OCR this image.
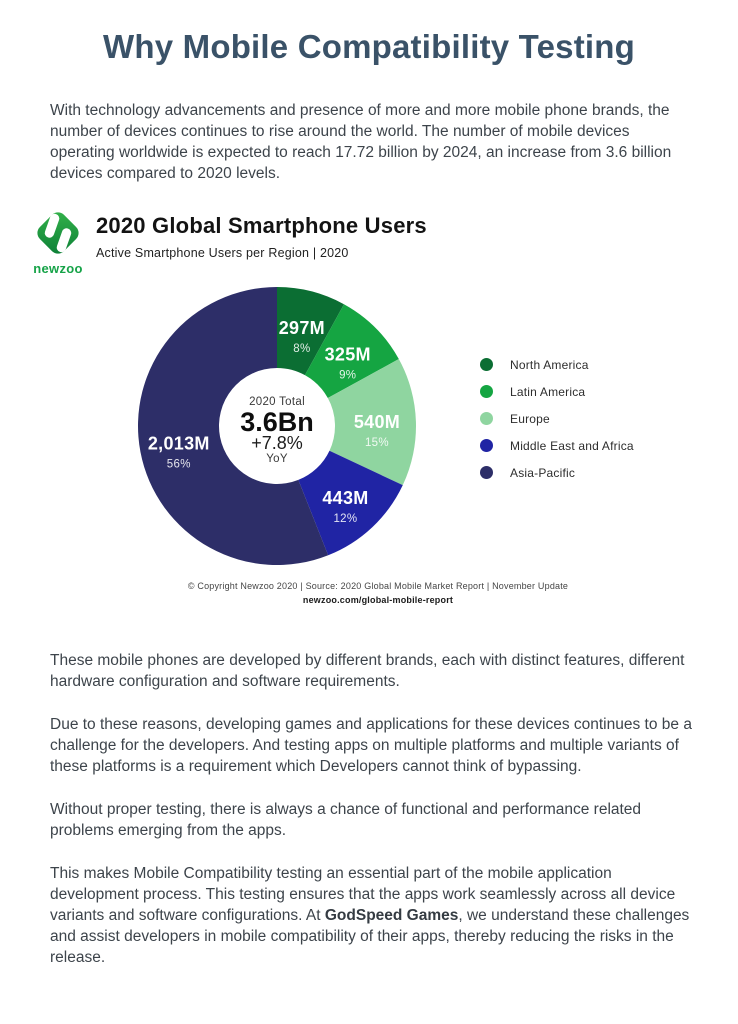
Why Mobile Compatibility Testing

With technology advancements and presence of more and more mobile phone brands, the number of devices continues to rise around the world. The number of mobile devices operating worldwide is expected to reach 17.72 billion by 2024, an increase from 3.6 billion devices compared to 2020 levels.

newzoo
2020 Global Smartphone Users
Active Smartphone Users per Region | 2020
297M
8% 325M
9%
540M
15%
443M
12%
2,013M
56%
2020 Total
3.6Bn
+7.8%
YoY
North America
Latin America
Europe
Middle East and Africa
Asia-Pacific
© Copyright Newzoo 2020 | Source: 2020 Global Mobile Market Report | November Update
newzoo.com/global-mobile-report

These mobile phones are developed by different brands, each with distinct features, different hardware configuration and software requirements.

Due to these reasons, developing games and applications for these devices continues to be a challenge for the developers. And testing apps on multiple platforms and multiple variants of these platforms is a requirement which Developers cannot think of bypassing.

Without proper testing, there is always a chance of functional and performance related problems emerging from the apps.

This makes Mobile Compatibility testing an essential part of the mobile application development process. This testing ensures that the apps work seamlessly across all device variants and software configurations. At GodSpeed Games, we understand these challenges and assist developers in mobile compatibility of their apps, thereby reducing the risks in the release.
